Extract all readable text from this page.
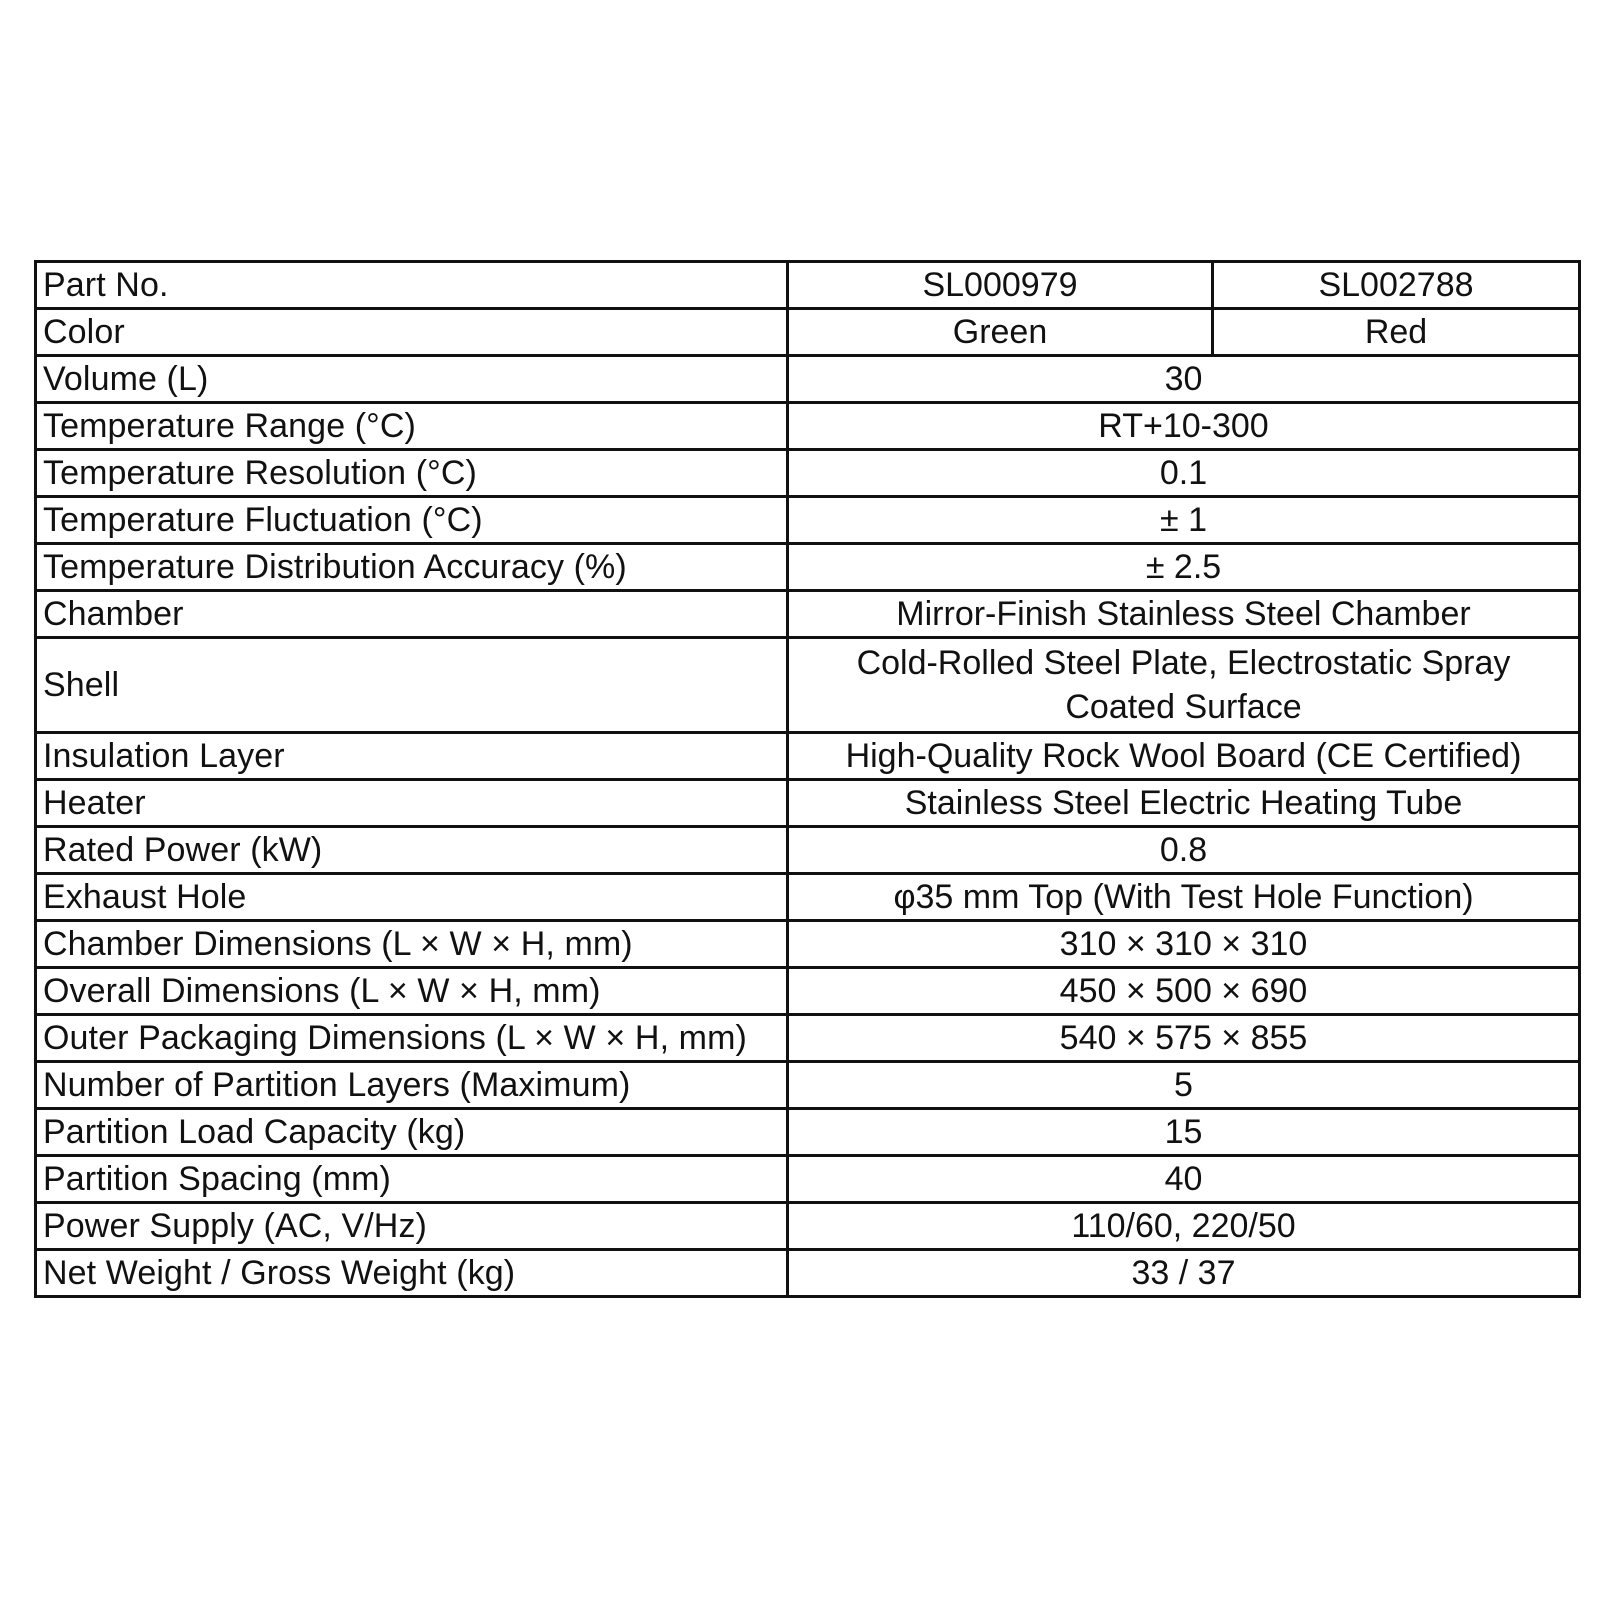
Part No.	SL000979	SL002788
Color	Green	Red
Volume (L)	30	
Temperature Range (°C)	RT+10-300	
Temperature Resolution (°C)	0.1	
Temperature Fluctuation (°C)	± 1	
Temperature Distribution Accuracy (%)	± 2.5	
Chamber	Mirror-Finish Stainless Steel Chamber	
Shell	Cold-Rolled Steel Plate, Electrostatic Spray Coated Surface	
Insulation Layer	High-Quality Rock Wool Board (CE Certified)	
Heater	Stainless Steel Electric Heating Tube	
Rated Power (kW)	0.8	
Exhaust Hole	φ35 mm Top (With Test Hole Function)	
Chamber Dimensions (L × W × H, mm)	310 × 310 × 310	
Overall Dimensions (L × W × H, mm)	450 × 500 × 690	
Outer Packaging Dimensions (L × W × H, mm)	540 × 575 × 855	
Number of Partition Layers (Maximum)	5	
Partition Load Capacity (kg)	15	
Partition Spacing (mm)	40	
Power Supply (AC, V/Hz)	110/60, 220/50	
Net Weight / Gross Weight (kg)	33 / 37	
